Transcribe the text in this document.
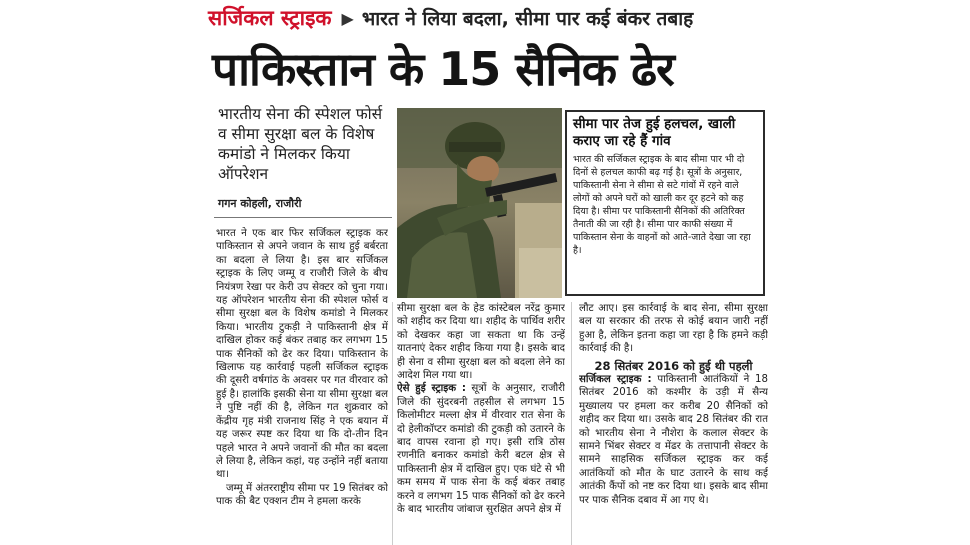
सर्जिकल स्ट्राइक ▶ भारत ने लिया बदला, सीमा पार कई बंकर तबाह
पाकिस्तान के 15 सैनिक ढेर
भारतीय सेना की स्पेशल फोर्स व सीमा सुरक्षा बल के विशेष कमांडो ने मिलकर किया ऑपरेशन
गगन कोहली, राजौरी
सीमा पार तेज हुई हलचल, खाली कराए जा रहे हैं गांव

भारत की सर्जिकल स्ट्राइक के बाद सीमा पार भी दो दिनों से हलचल काफी बढ़ गई है। सूत्रों के अनुसार, पाकिस्तानी सेना ने सीमा से सटे गांवों में रहने वाले लोगों को अपने घरों को खाली कर दूर हटने को कह दिया है। सीमा पर पाकिस्तानी सैनिकों की अतिरिक्त तैनाती की जा रही है। सीमा पार काफी संख्या में पाकिस्तान सेना के वाहनों को आते-जाते देखा जा रहा है।

भारत ने एक बार फिर सर्जिकल स्ट्राइक कर पाकिस्तान से अपने जवान के साथ हुई बर्बरता का बदला ले लिया है। इस बार सर्जिकल स्ट्राइक के लिए जम्मू व राजौरी जिले के बीच नियंत्रण रेखा पर केरी उप सेक्टर को चुना गया। यह ऑपरेशन भारतीय सेना की स्पेशल फोर्स व सीमा सुरक्षा बल के विशेष कमांडो ने मिलकर किया। भारतीय टुकड़ी ने पाकिस्तानी क्षेत्र में दाखिल होकर कई बंकर तबाह कर लगभग 15 पाक सैनिकों को ढेर कर दिया। पाकिस्तान के खिलाफ यह कार्रवाई पहली सर्जिकल स्ट्राइक की दूसरी वर्षगांठ के अवसर पर गत वीरवार को हुई है। हालांकि इसकी सेना या सीमा सुरक्षा बल ने पुष्टि नहीं की है, लेकिन गत शुक्रवार को केंद्रीय गृह मंत्री राजनाथ सिंह ने एक बयान में यह जरूर स्पष्ट कर दिया था कि दो-तीन दिन पहले भारत ने अपने जवानों की मौत का बदला ले लिया है, लेकिन कहां, यह उन्होंने नहीं बताया था।

जम्मू में अंतरराष्ट्रीय सीमा पर 19 सितंबर को पाक की बैट एक्शन टीम ने हमला करके

सीमा सुरक्षा बल के हेड कांस्टेबल नरेंद्र कुमार को शहीद कर दिया था। शहीद के पार्थिव शरीर को देखकर कहा जा सकता था कि उन्हें यातनाएं देकर शहीद किया गया है। इसके बाद ही सेना व सीमा सुरक्षा बल को बदला लेने का आदेश मिल गया था।

ऐसे हुई स्ट्राइक : सूत्रों के अनुसार, राजौरी जिले की सुंदरबनी तहसील से लगभग 15 किलोमीटर मल्ला क्षेत्र में वीरवार रात सेना के दो हेलीकॉप्टर कमांडो की टुकड़ी को उतारने के बाद वापस रवाना हो गए। इसी रात्रि ठोस रणनीति बनाकर कमांडो केरी बटल क्षेत्र से पाकिस्तानी क्षेत्र में दाखिल हुए। एक घंटे से भी कम समय में पाक सेना के कई बंकर तबाह करने व लगभग 15 पाक सैनिकों को ढेर करने के बाद भारतीय जांबाज सुरक्षित अपने क्षेत्र में

लौट आए। इस कार्रवाई के बाद सेना, सीमा सुरक्षा बल या सरकार की तरफ से कोई बयान जारी नहीं हुआ है, लेकिन इतना कहा जा रहा है कि हमने कड़ी कार्रवाई की है।

28 सितंबर 2016 को हुई थी पहली

सर्जिकल स्ट्राइक : पाकिस्तानी आतंकियों ने 18 सितंबर 2016 को कश्मीर के उड़ी में सैन्य मुख्यालय पर हमला कर करीब 20 सैनिकों को शहीद कर दिया था। उसके बाद 28 सितंबर की रात को भारतीय सेना ने नौशेरा के कलाल सेक्टर के सामने भिंबर सेक्टर व मेंढर के तत्तापानी सेक्टर के सामने साहसिक सर्जिकल स्ट्राइक कर कई आतंकियों को मौत के घाट उतारने के साथ कई आतंकी कैंपों को नष्ट कर दिया था। इसके बाद सीमा पर पाक सैनिक दबाव में आ गए थे।
